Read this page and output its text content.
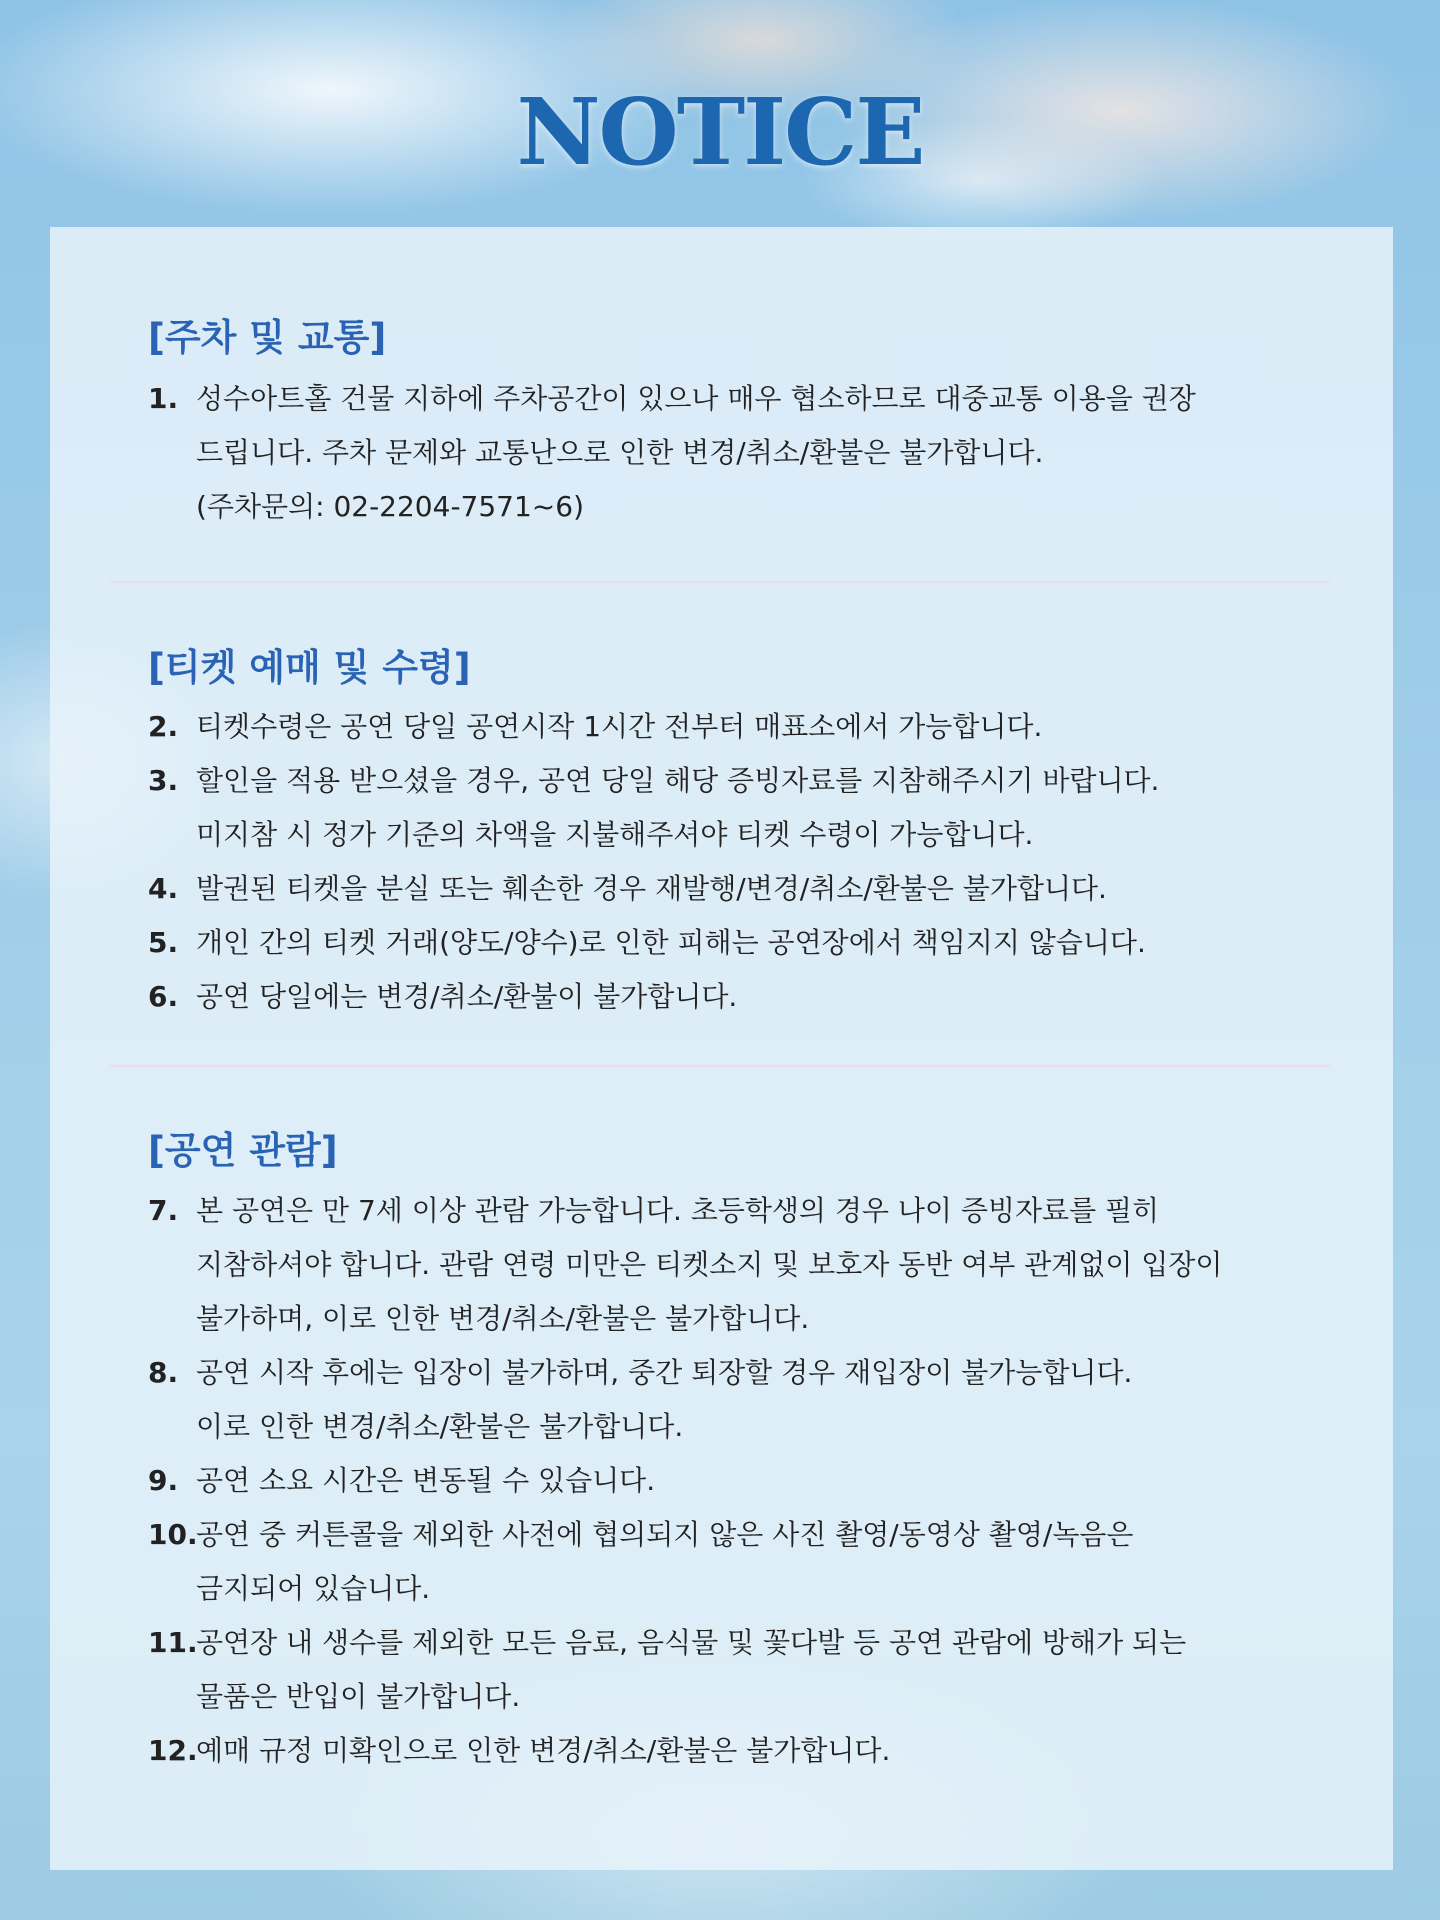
NOTICE
[주차 및 교통]
1. 성수아트홀 건물 지하에 주차공간이 있으나 매우 협소하므로 대중교통 이용을 권장
드립니다. 주차 문제와 교통난으로 인한 변경/취소/환불은 불가합니다.
(주차문의: 02-2204-7571~6)
[티켓 예매 및 수령]
2. 티켓수령은 공연 당일 공연시작 1시간 전부터 매표소에서 가능합니다.
3. 할인을 적용 받으셨을 경우, 공연 당일 해당 증빙자료를 지참해주시기 바랍니다.
미지참 시 정가 기준의 차액을 지불해주셔야 티켓 수령이 가능합니다.
4. 발권된 티켓을 분실 또는 훼손한 경우 재발행/변경/취소/환불은 불가합니다.
5. 개인 간의 티켓 거래(양도/양수)로 인한 피해는 공연장에서 책임지지 않습니다.
6. 공연 당일에는 변경/취소/환불이 불가합니다.
[공연 관람]
7. 본 공연은 만 7세 이상 관람 가능합니다. 초등학생의 경우 나이 증빙자료를 필히
지참하셔야 합니다. 관람 연령 미만은 티켓소지 및 보호자 동반 여부 관계없이 입장이
불가하며, 이로 인한 변경/취소/환불은 불가합니다.
8. 공연 시작 후에는 입장이 불가하며, 중간 퇴장할 경우 재입장이 불가능합니다.
이로 인한 변경/취소/환불은 불가합니다.
9. 공연 소요 시간은 변동될 수 있습니다.
10.공연 중 커튼콜을 제외한 사전에 협의되지 않은 사진 촬영/동영상 촬영/녹음은
금지되어 있습니다.
11.공연장 내 생수를 제외한 모든 음료, 음식물 및 꽃다발 등 공연 관람에 방해가 되는
물품은 반입이 불가합니다.
12.예매 규정 미확인으로 인한 변경/취소/환불은 불가합니다.
